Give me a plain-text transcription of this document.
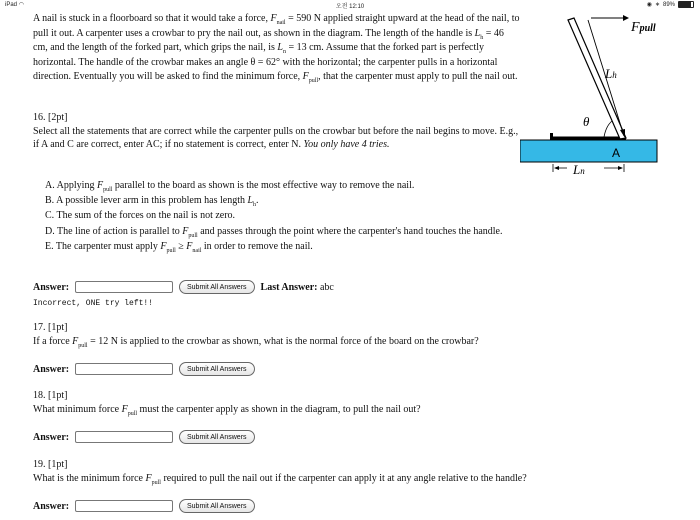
iPad ◠	오전 12:10	◉ ∗ 89%

A nail is stuck in a floorboard so that it would take a force, $F_{nail} = 590$ N applied straight upward at the head of the nail, to pull it out. A carpenter uses a crowbar to pry the nail out, as shown in the diagram. The length of the handle is $L_h = 46$ cm, and the length of the forked part, which grips the nail, is $L_n = 13$ cm. Assume that the forked part is perfectly horizontal. The handle of the crowbar makes an angle θ = 62° with the horizontal; the carpenter pulls in a horizontal direction. Eventually you will be asked to find the minimum force, $F_{pull}$, that the carpenter must apply to pull the nail out.

Fpull
Lh
θ
A
Ln
16. [2pt]

Select all the statements that are correct while the carpenter pulls on the crowbar but before the nail begins to move. E.g., if A and C are correct, enter AC; if no statement is correct, enter N. You only have 4 tries.

A. Applying $F_{pull}$ parallel to the board as shown is the most effective way to remove the nail.
B. A possible lever arm in this problem has length $L_h$.
C. The sum of the forces on the nail is not zero.
D. The line of action is parallel to $F_{pull}$ and passes through the point where the carpenter's hand touches the handle.
E. The carpenter must apply $F_{pull} \ge F_{nail}$ in order to remove the nail.
Answer:	Submit All Answers	Last Answer: abc
Incorrect, ONE try left!!
17. [1pt]

If a force $F_{pull} = 12$ N is applied to the crowbar as shown, what is the normal force of the board on the crowbar?

Answer:	Submit All Answers
18. [1pt]

What minimum force $F_{pull}$ must the carpenter apply as shown in the diagram, to pull the nail out?

Answer:	Submit All Answers
19. [1pt]

What is the minimum force $F_{pull}$ required to pull the nail out if the carpenter can apply it at any angle relative to the handle?

Answer:	Submit All Answers
